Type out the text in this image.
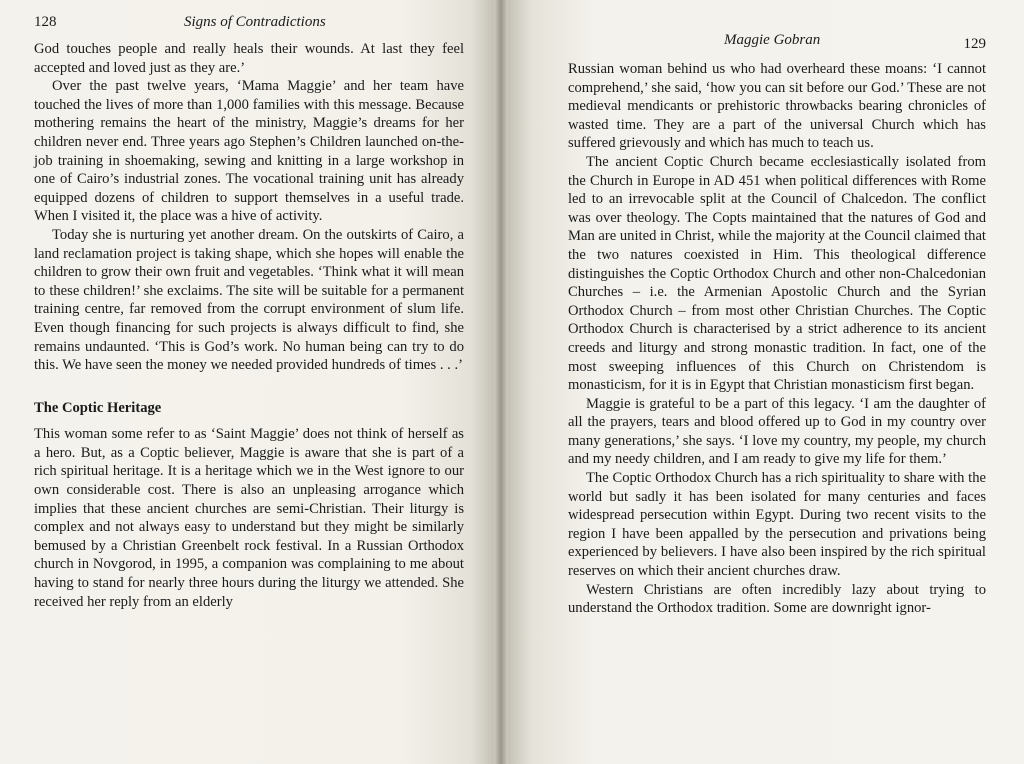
128	Signs of Contradictions

God touches people and really heals their wounds. At last they feel accepted and loved just as they are.’

Over the past twelve years, ‘Mama Maggie’ and her team have touched the lives of more than 1,000 families with this message. Because mothering remains the heart of the ministry, Maggie’s dreams for her children never end. Three years ago Stephen’s Children launched on-the-job training in shoemaking, sewing and knitting in a large workshop in one of Cairo’s industrial zones. The vocational training unit has already equipped dozens of children to support themselves in a useful trade. When I visited it, the place was a hive of activity.

Today she is nurturing yet another dream. On the outskirts of Cairo, a land reclamation project is taking shape, which she hopes will enable the children to grow their own fruit and vegetables. ‘Think what it will mean to these children!’ she exclaims. The site will be suitable for a permanent training centre, far removed from the corrupt environment of slum life. Even though financing for such projects is always difficult to find, she remains undaunted. ‘This is God’s work. No human being can try to do this. We have seen the money we needed provided hundreds of times . . .’

The Coptic Heritage

This woman some refer to as ‘Saint Maggie’ does not think of herself as a hero. But, as a Coptic believer, Maggie is aware that she is part of a rich spiritual heritage. It is a heritage which we in the West ignore to our own considerable cost. There is also an unpleasing arrogance which implies that these ancient churches are semi-Christian. Their liturgy is complex and not always easy to understand but they might be similarly bemused by a Christian Greenbelt rock festival. In a Russian Orthodox church in Novgorod, in 1995, a companion was complaining to me about having to stand for nearly three hours during the liturgy we attended. She received her reply from an elderly

Maggie Gobran	129

Russian woman behind us who had overheard these moans: ‘I cannot comprehend,’ she said, ‘how you can sit before our God.’ These are not medieval mendicants or prehistoric throwbacks bearing chronicles of wasted time. They are a part of the universal Church which has suffered grievously and which has much to teach us.

The ancient Coptic Church became ecclesiastically isolated from the Church in Europe in AD 451 when political differences with Rome led to an irrevocable split at the Council of Chalcedon. The conflict was over theology. The Copts maintained that the natures of God and Man are united in Christ, while the majority at the Council claimed that the two natures coexisted in Him. This theological difference distinguishes the Coptic Orthodox Church and other non-Chalcedonian Churches – i.e. the Armenian Apostolic Church and the Syrian Orthodox Church – from most other Christian Churches. The Coptic Orthodox Church is characterised by a strict adherence to its ancient creeds and liturgy and strong monastic tradition. In fact, one of the most sweeping influences of this Church on Christendom is monasticism, for it is in Egypt that Christian monasticism first began.

Maggie is grateful to be a part of this legacy. ‘I am the daughter of all the prayers, tears and blood offered up to God in my country over many generations,’ she says. ‘I love my country, my people, my church and my needy children, and I am ready to give my life for them.’

The Coptic Orthodox Church has a rich spirituality to share with the world but sadly it has been isolated for many centuries and faces widespread persecution within Egypt. During two recent visits to the region I have been appalled by the persecution and privations being experienced by believers. I have also been inspired by the rich spiritual reserves on which their ancient churches draw.

Western Christians are often incredibly lazy about trying to understand the Orthodox tradition. Some are downright ignor-
